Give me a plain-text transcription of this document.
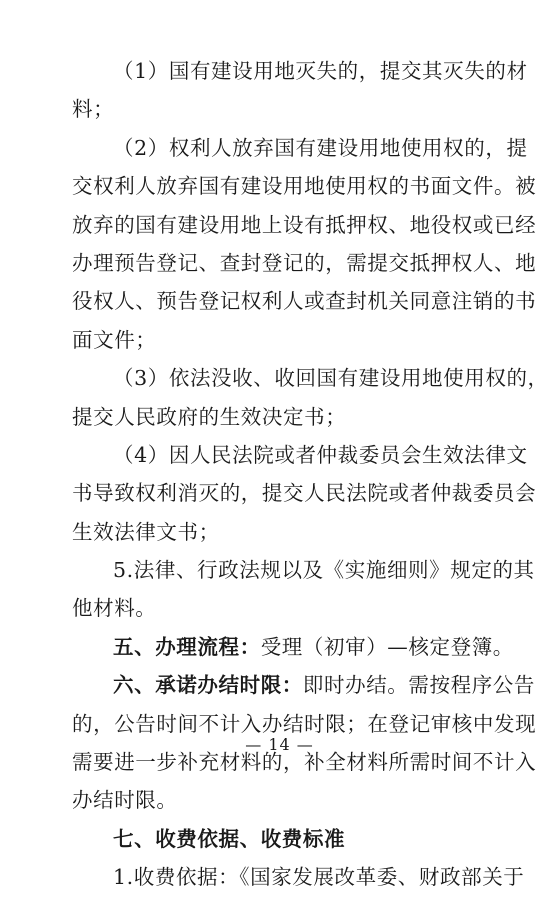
（1）国有建设用地灭失的，提交其灭失的材
料；
（2）权利人放弃国有建设用地使用权的，提
交权利人放弃国有建设用地使用权的书面文件。被
放弃的国有建设用地上设有抵押权、地役权或已经
办理预告登记、查封登记的，需提交抵押权人、地
役权人、预告登记权利人或查封机关同意注销的书
面文件；
（3）依法没收、收回国有建设用地使用权的，
提交人民政府的生效决定书；
（4）因人民法院或者仲裁委员会生效法律文
书导致权利消灭的，提交人民法院或者仲裁委员会
生效法律文书；
5.法律、行政法规以及《实施细则》规定的其
他材料。
五、办理流程：受理（初审）—核定登簿。
六、承诺办结时限：即时办结。需按程序公告
的，公告时间不计入办结时限；在登记审核中发现
需要进一步补充材料的，补全材料所需时间不计入
办结时限。
七、收费依据、收费标准
1.收费依据：《国家发展改革委、财政部关于
— 14 —
